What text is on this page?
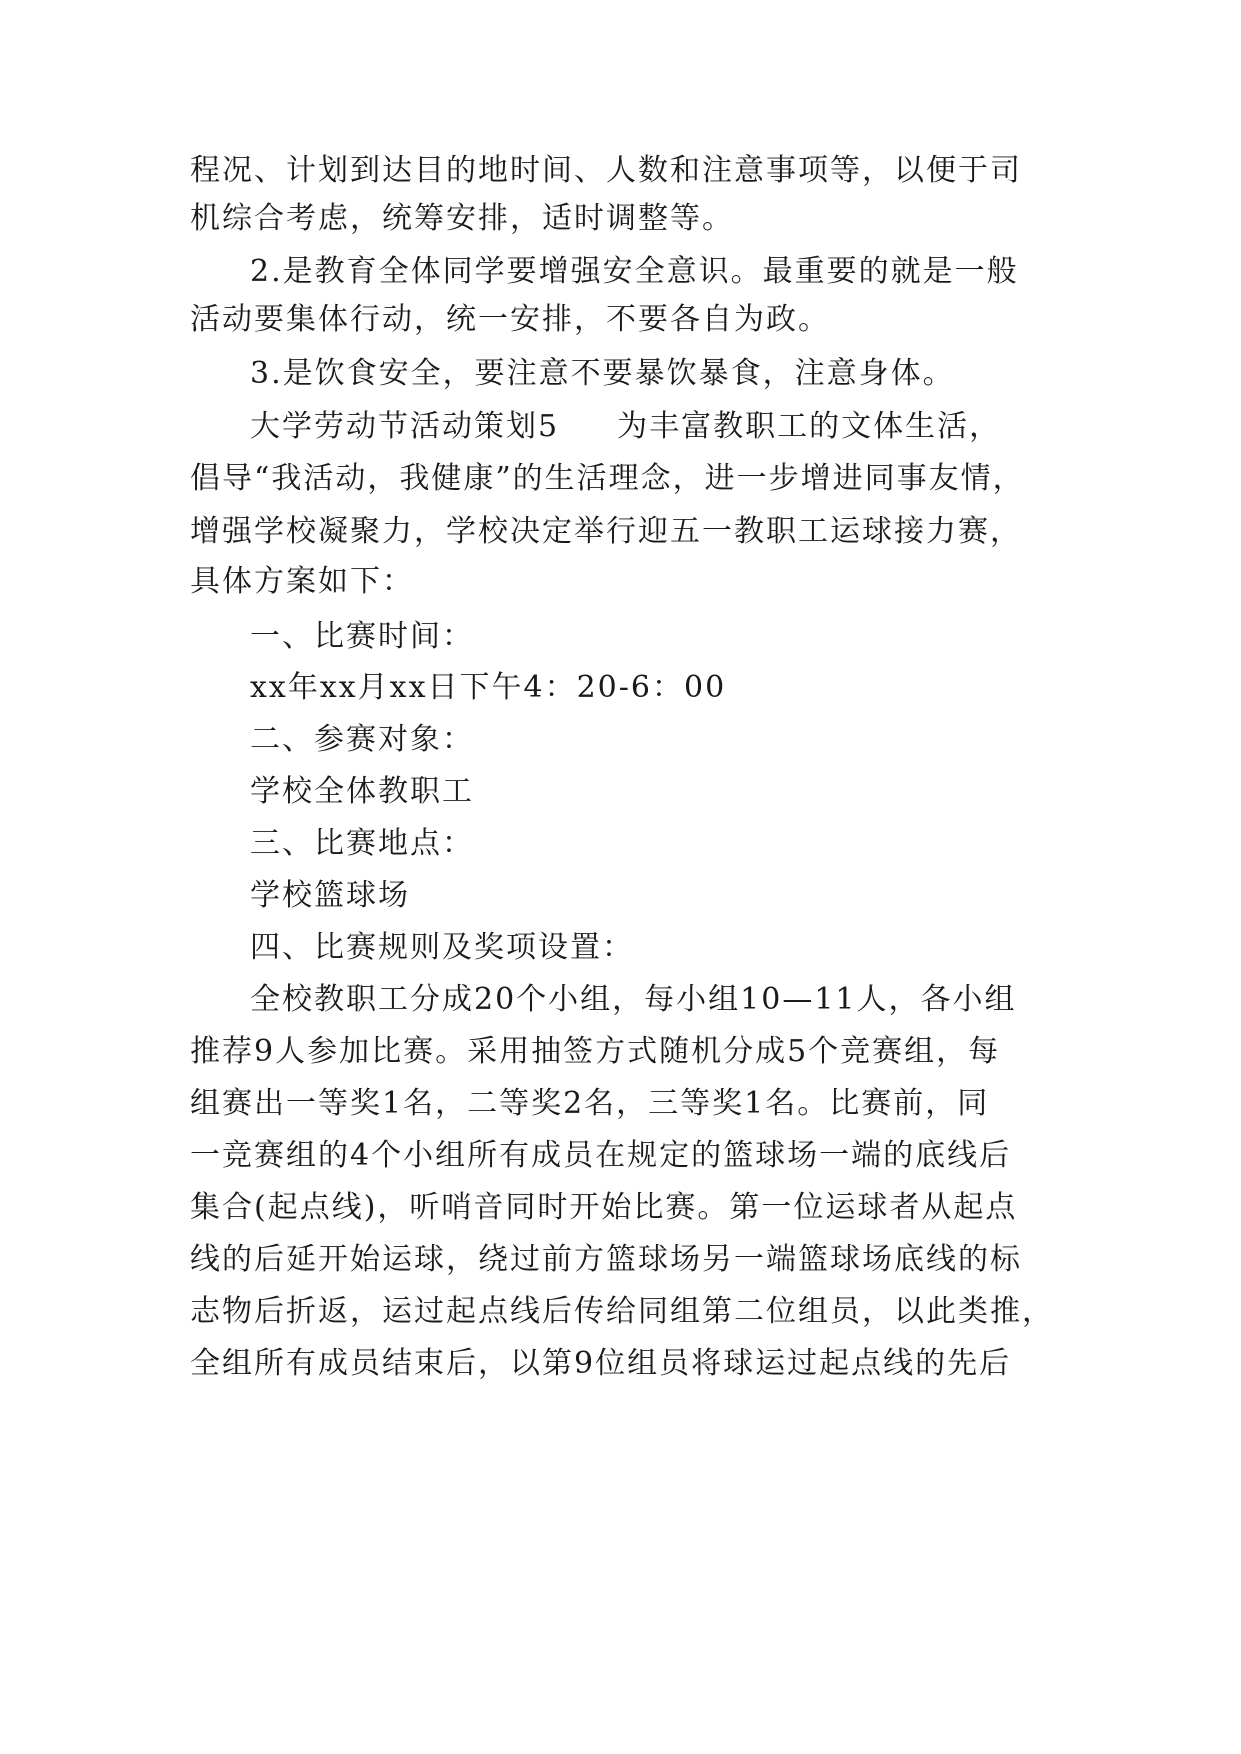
程况、计划到达目的地时间、人数和注意事项等，以便于司
机综合考虑，统筹安排，适时调整等。
2.是教育全体同学要增强安全意识。最重要的就是一般
活动要集体行动，统一安排，不要各自为政。
3.是饮食安全，要注意不要暴饮暴食，注意身体。
大学劳动节活动策划5 为丰富教职工的文体生活，
倡导“我活动，我健康”的生活理念，进一步增进同事友情，
增强学校凝聚力，学校决定举行迎五一教职工运球接力赛，
具体方案如下：
一、比赛时间：
xx年xx月xx日下午4：20-6：00
二、参赛对象：
学校全体教职工
三、比赛地点：
学校篮球场
四、比赛规则及奖项设置：
全校教职工分成20个小组，每小组10—11人，各小组
推荐9人参加比赛。采用抽签方式随机分成5个竞赛组，每
组赛出一等奖1名，二等奖2名，三等奖1名。比赛前，同
一竞赛组的4个小组所有成员在规定的篮球场一端的底线后
集合(起点线)，听哨音同时开始比赛。第一位运球者从起点
线的后延开始运球，绕过前方篮球场另一端篮球场底线的标
志物后折返，运过起点线后传给同组第二位组员，以此类推，
全组所有成员结束后，以第9位组员将球运过起点线的先后
